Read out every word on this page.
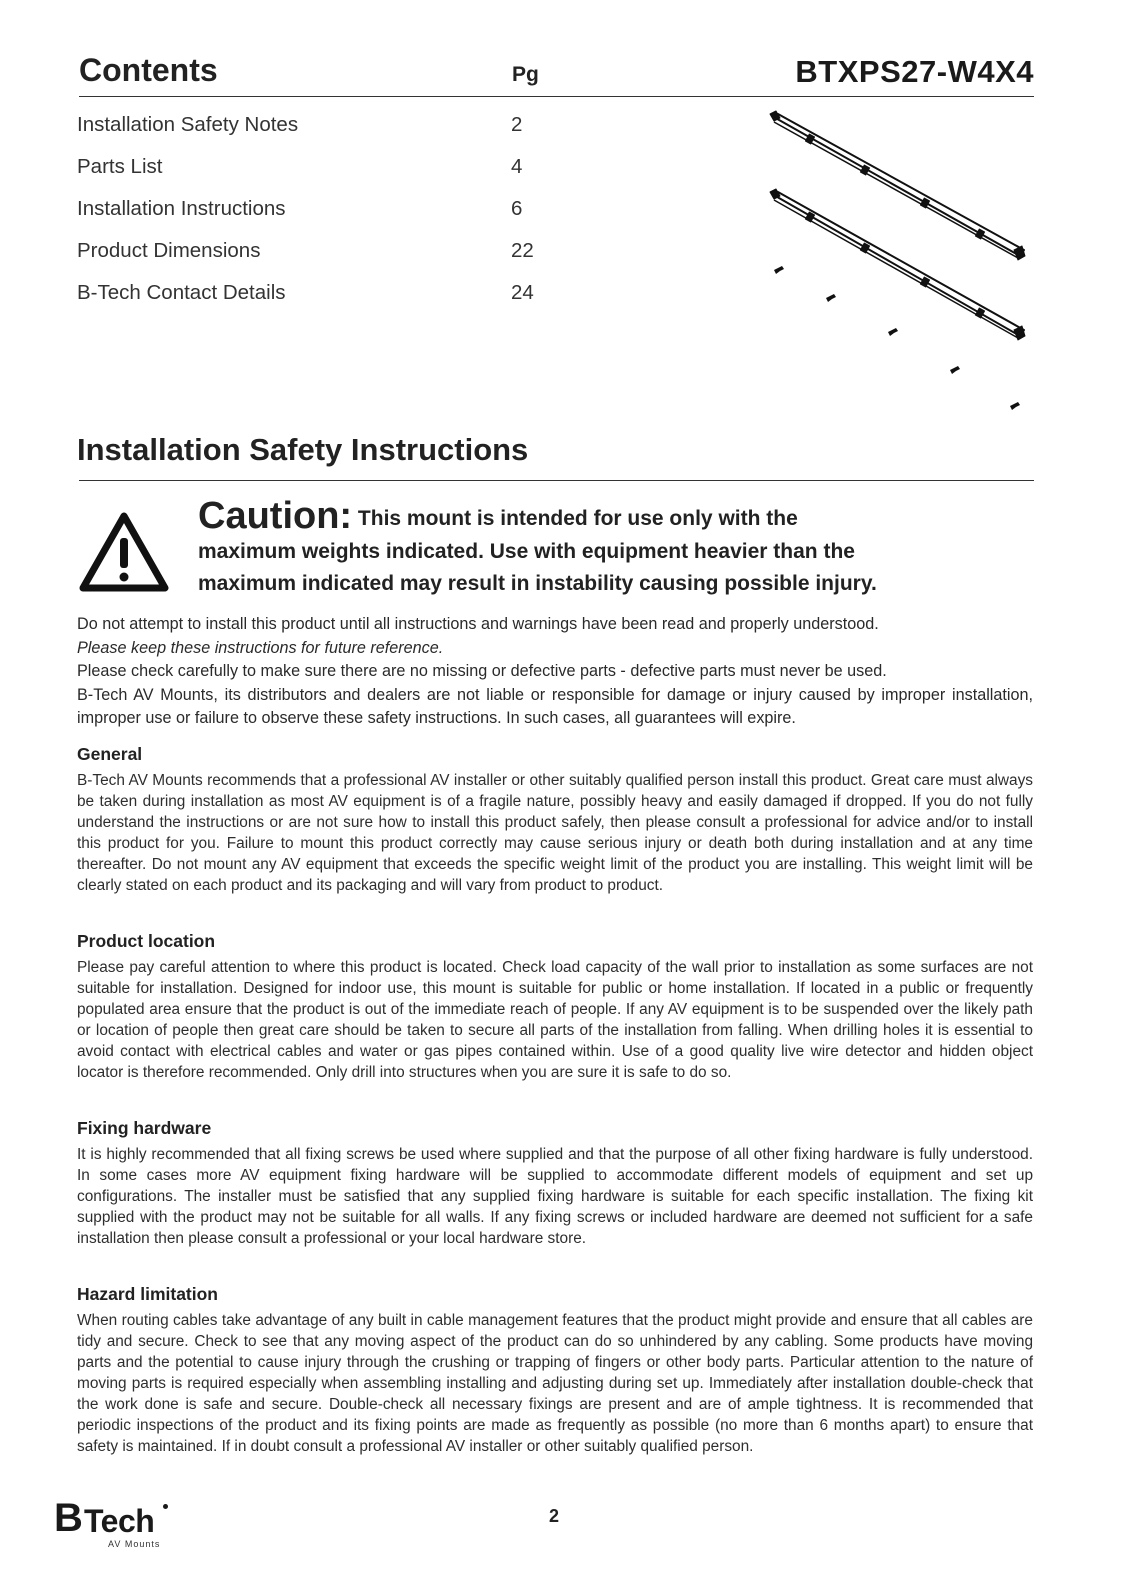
Contents	Pg	BTXPS27-W4X4
Installation Safety Notes	2
Parts List	4
Installation Instructions	6
Product Dimensions	22
B-Tech Contact Details	24
Installation Safety Instructions
Caution: This mount is intended for use only with the
maximum weights indicated. Use with equipment heavier than the
maximum indicated may result in instability causing possible injury.

Do not attempt to install this product until all instructions and warnings have been read and properly understood.

Please keep these instructions for future reference.

Please check carefully to make sure there are no missing or defective parts - defective parts must never be used.

B-Tech AV Mounts, its distributors and dealers are not liable or responsible for damage or injury caused by improper installation, improper use or failure to observe these safety instructions. In such cases, all guarantees will expire.

General

B-Tech AV Mounts recommends that a professional AV installer or other suitably qualified person install this product. Great care must always be taken during installation as most AV equipment is of a fragile nature, possibly heavy and easily damaged if dropped. If you do not fully understand the instructions or are not sure how to install this product safely, then please consult a professional for advice and/or to install this product for you. Failure to mount this product correctly may cause serious injury or death both during installation and at any time thereafter. Do not mount any AV equipment that exceeds the specific weight limit of the product you are installing. This weight limit will be clearly stated on each product and its packaging and will vary from product to product.

Product location

Please pay careful attention to where this product is located. Check load capacity of the wall prior to installation as some surfaces are not suitable for installation. Designed for indoor use, this mount is suitable for public or home installation. If located in a public or frequently populated area ensure that the product is out of the immediate reach of people. If any AV equipment is to be suspended over the likely path or location of people then great care should be taken to secure all parts of the installation from falling. When drilling holes it is essential to avoid contact with electrical cables and water or gas pipes contained within. Use of a good quality live wire detector and hidden object locator is therefore recommended. Only drill into structures when you are sure it is safe to do so.

Fixing hardware

It is highly recommended that all fixing screws be used where supplied and that the purpose of all other fixing hardware is fully understood. In some cases more AV equipment fixing hardware will be supplied to accommodate different models of equipment and set up configurations. The installer must be satisfied that any supplied fixing hardware is suitable for each specific installation. The fixing kit supplied with the product may not be suitable for all walls. If any fixing screws or included hardware are deemed not sufficient for a safe installation then please consult a professional or your local hardware store.

Hazard limitation

When routing cables take advantage of any built in cable management features that the product might provide and ensure that all cables are tidy and secure. Check to see that any moving aspect of the product can do so unhindered by any cabling. Some products have moving parts and the potential to cause injury through the crushing or trapping of fingers or other body parts. Particular attention to the nature of moving parts is required especially when assembling installing and adjusting during set up. Immediately after installation double-check that the work done is safe and secure. Double-check all necessary fixings are present and are of ample tightness. It is recommended that periodic inspections of the product and its fixing points are made as frequently as possible (no more than 6 months apart) to ensure that safety is maintained. If in doubt consult a professional AV installer or other suitably qualified person.

B Tech
AV Mounts
2
